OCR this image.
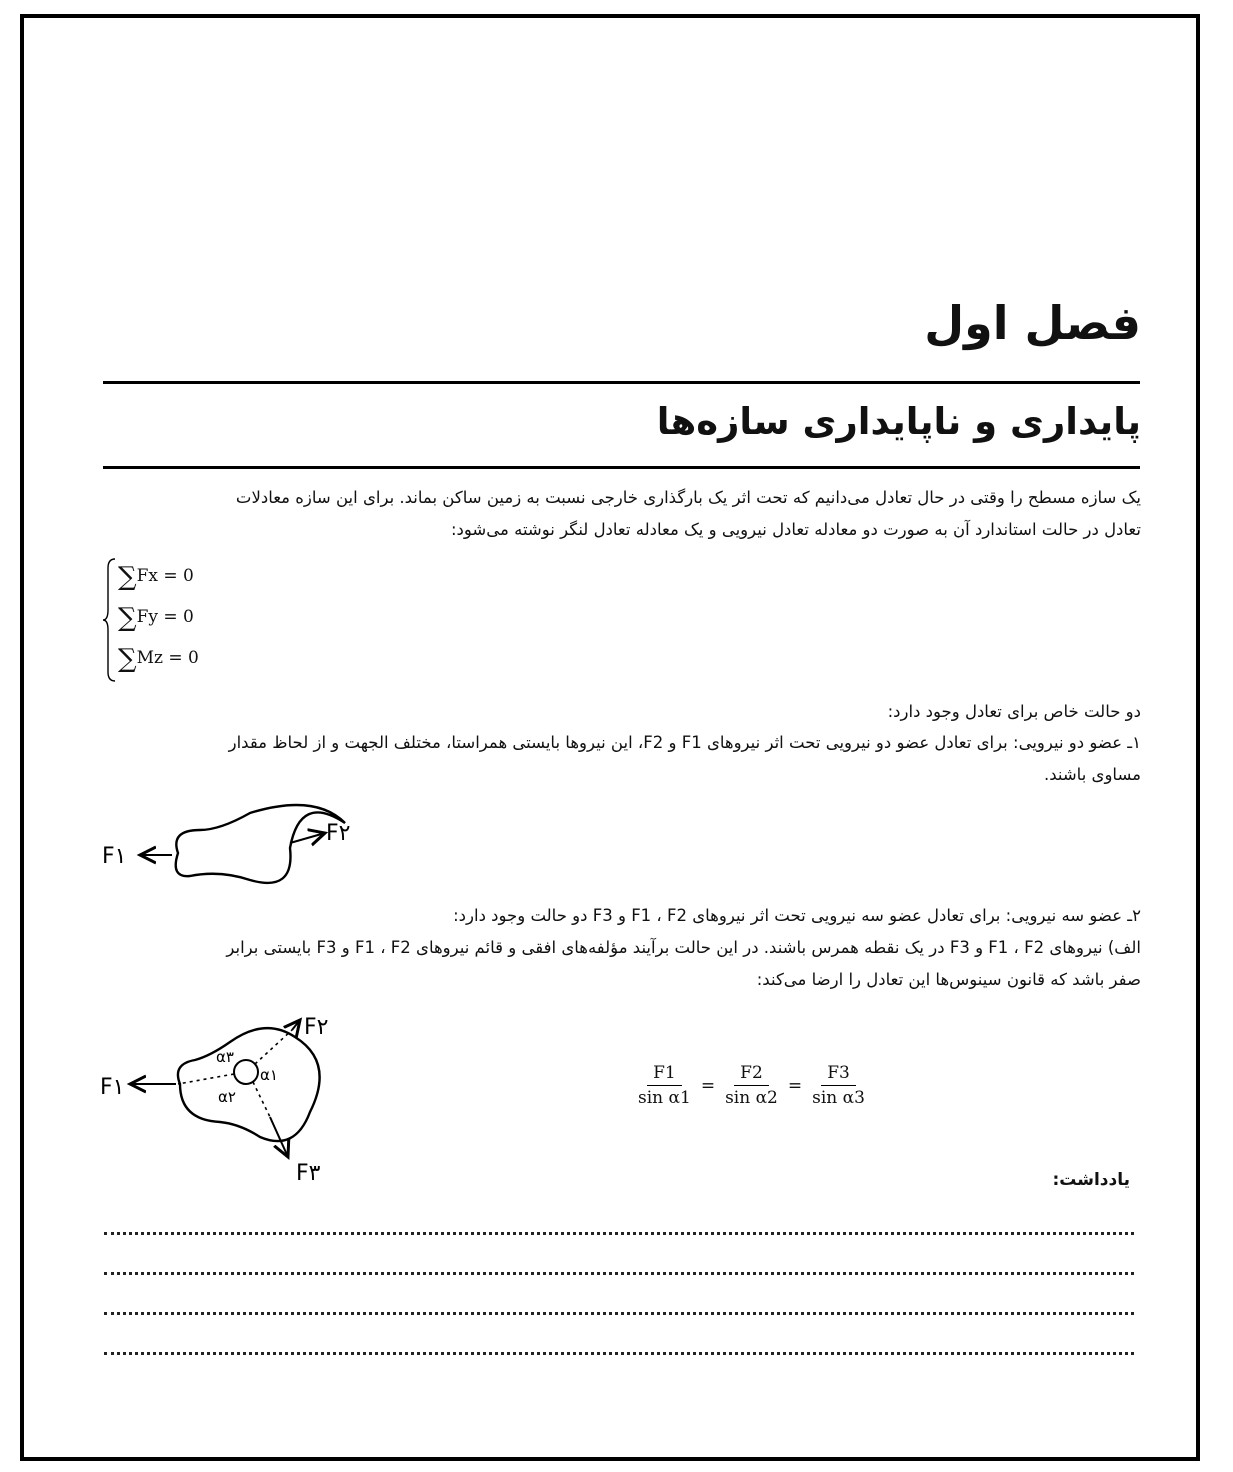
فصل اول
پایداری و ناپایداری سازه‌ها

یک سازه مسطح را وقتی در حال تعادل می‌دانیم که تحت اثر یک بارگذاری خارجی نسبت به زمین ساکن بماند. برای این سازه معادلات

تعادل در حالت استاندارد آن به صورت دو معادله تعادل نیرویی و یک معادله تعادل لنگر نوشته می‌شود:

∑Fx = 0
∑Fy = 0
∑Mz = 0

دو حالت خاص برای تعادل وجود دارد:

۱ـ عضو دو نیرویی: برای تعادل عضو دو نیرویی تحت اثر نیروهای F1 و F2، این نیروها بایستی همراستا، مختلف الجهت و از لحاظ مقدار

مساوی باشند.

F۱
F۲

۲ـ عضو سه نیرویی: برای تعادل عضو سه نیرویی تحت اثر نیروهای F1 ، F2 و F3 دو حالت وجود دارد:

الف) نیروهای F1 ، F2 و F3 در یک نقطه همرس باشند. در این حالت برآیند مؤلفه‌های افقی و قائم نیروهای F1 ، F2 و F3 بایستی برابر

صفر باشد که قانون سینوس‌ها این تعادل را ارضا می‌کند:

F۱
F۲
F۳
α۱
α۲
α۳
$\frac{F1}{\text{sin α1}} = \frac{F2}{\text{sin α2}} = \frac{F3}{\text{sin α3}}$

یادداشت:
